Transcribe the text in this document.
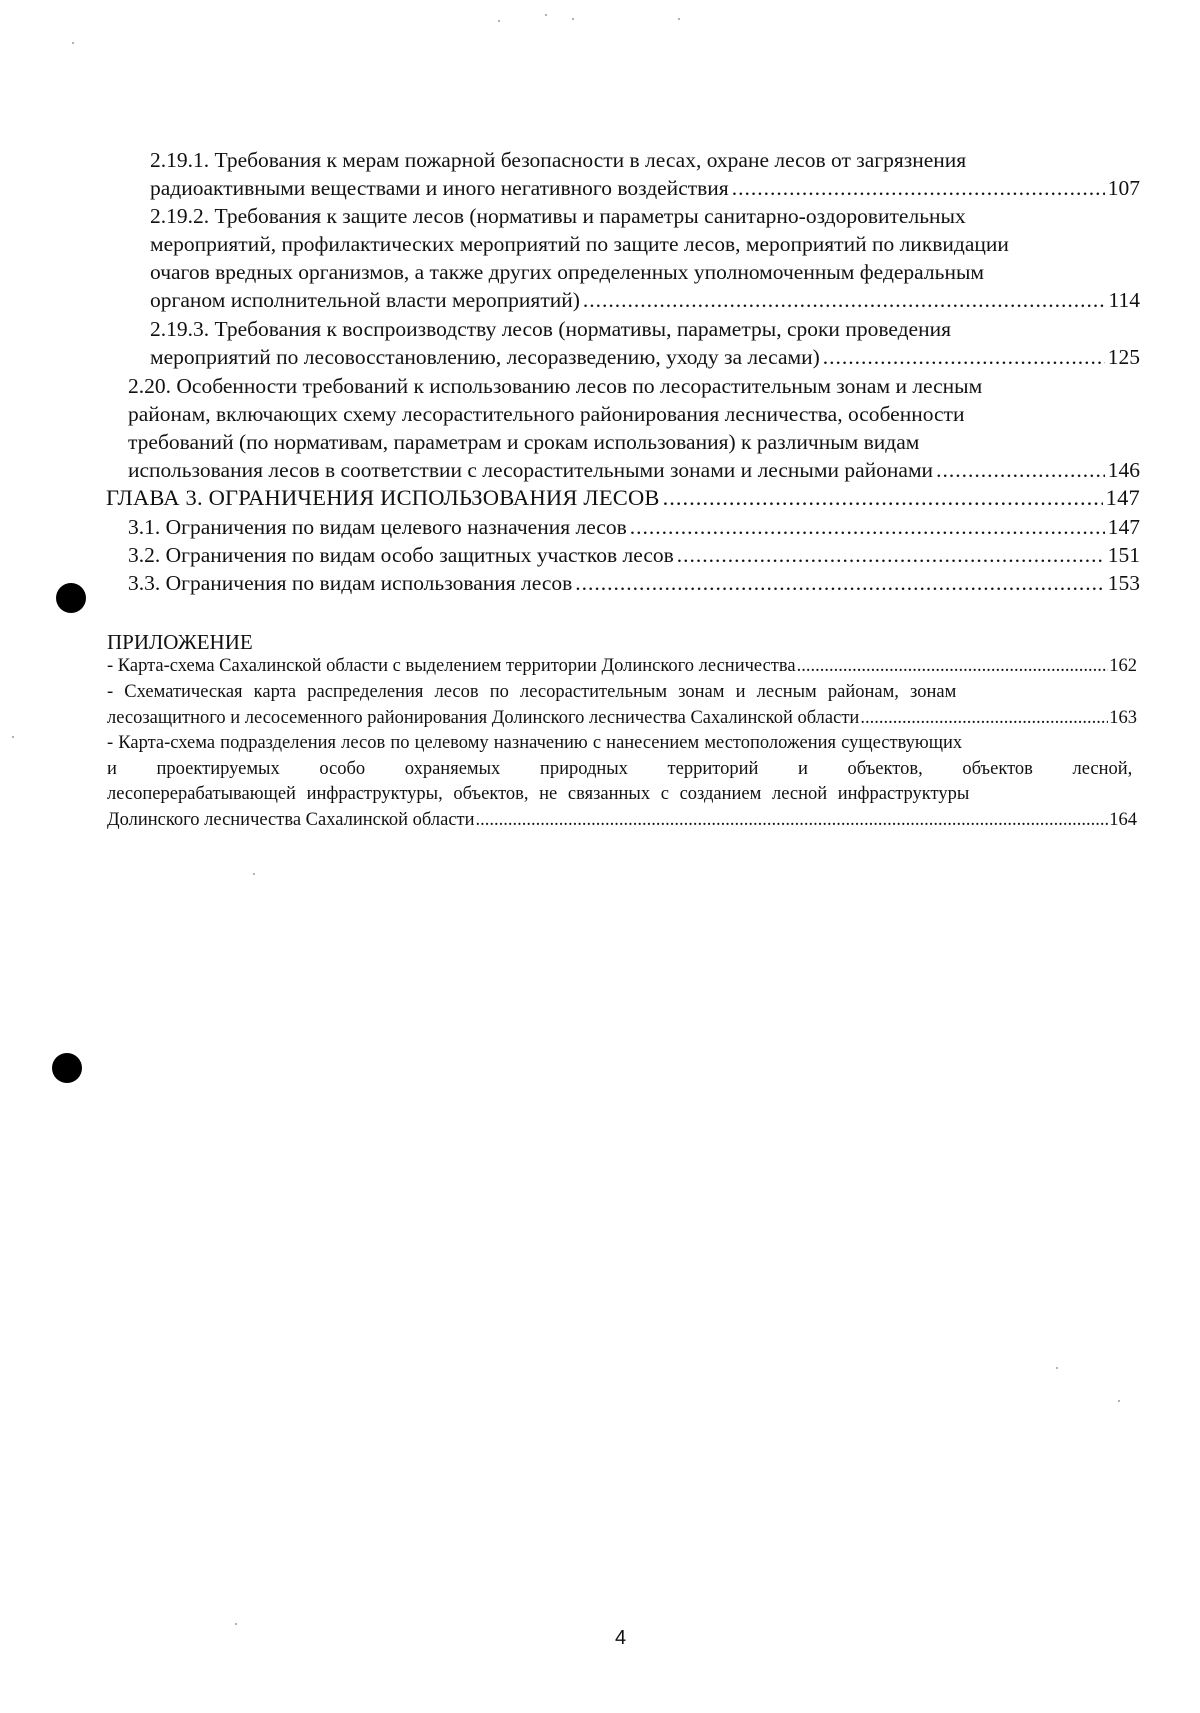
2.19.1. Требования к мерам пожарной безопасности в лесах, охране лесов от загрязнения
радиоактивными веществами и иного негативного воздействия .....	107
2.19.2. Требования к защите лесов (нормативы и параметры санитарно-оздоровительных
мероприятий, профилактических мероприятий по защите лесов, мероприятий по ликвидации
очагов вредных организмов, а также других определенных уполномоченным федеральным
органом исполнительной власти мероприятий) .....	114
2.19.3. Требования к воспроизводству лесов (нормативы, параметры, сроки проведения
мероприятий по лесовосстановлению, лесоразведению, уходу за лесами) .....	125
2.20. Особенности требований к использованию лесов по лесорастительным зонам и лесным
районам, включающих схему лесорастительного районирования лесничества, особенности
требований (по нормативам, параметрам и срокам использования) к различным видам
использования лесов в соответствии с лесорастительными зонами и лесными районами .....	146
ГЛАВА 3. ОГРАНИЧЕНИЯ ИСПОЛЬЗОВАНИЯ ЛЕСОВ .....	147
3.1. Ограничения по видам целевого назначения лесов .....	147
3.2. Ограничения по видам особо защитных участков лесов .....	151
3.3. Ограничения по видам использования лесов .....	153
ПРИЛОЖЕНИЕ
- Карта-схема Сахалинской области с выделением территории Долинского лесничества .....	162
- Схематическая карта распределения лесов по лесорастительным зонам и лесным районам, зонам
лесозащитного и лесосеменного районирования Долинского лесничества Сахалинской области .....	163
- Карта-схема подразделения лесов по целевому назначению с нанесением местоположения существующих
и проектируемых особо охраняемых природных территорий и объектов, объектов лесной,
лесоперерабатывающей инфраструктуры, объектов, не связанных с созданием лесной инфраструктуры
Долинского лесничества Сахалинской области .....	164
4
